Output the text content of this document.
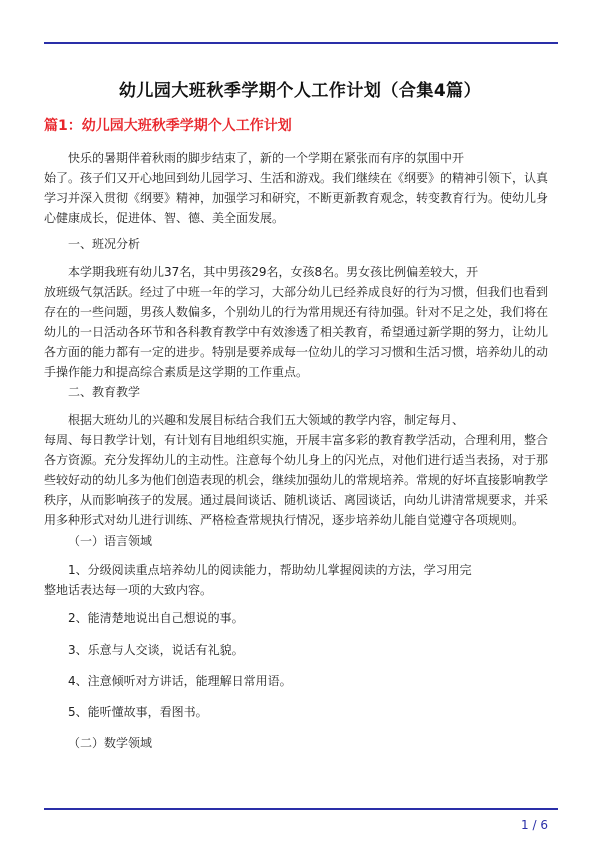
幼儿园大班秋季学期个人工作计划（合集4篇）
篇1：幼儿园大班秋季学期个人工作计划

快乐的暑期伴着秋雨的脚步结束了，新的一个学期在紧张而有序的氛围中开

始了。孩子们又开心地回到幼儿园学习、生活和游戏。我们继续在《纲要》的精神引领下，认真

学习并深入贯彻《纲要》精神，加强学习和研究，不断更新教育观念，转变教育行为。使幼儿身

心健康成长，促进体、智、德、美全面发展。

一、班况分析

本学期我班有幼儿37名，其中男孩29名，女孩8名。男女孩比例偏差较大，开

放班级气氛活跃。经过了中班一年的学习，大部分幼儿已经养成良好的行为习惯，但我们也看到

存在的一些问题，男孩人数偏多，个别幼儿的行为常用规还有待加强。针对不足之处，我们将在

幼儿的一日活动各环节和各科教育教学中有效渗透了相关教育，希望通过新学期的努力，让幼儿

各方面的能力都有一定的进步。特别是要养成每一位幼儿的学习习惯和生活习惯，培养幼儿的动

手操作能力和提高综合素质是这学期的工作重点。

二、教育教学

根据大班幼儿的兴趣和发展目标结合我们五大领域的教学内容，制定每月、

每周、每日教学计划，有计划有目地组织实施，开展丰富多彩的教育教学活动，合理利用，整合

各方资源。充分发挥幼儿的主动性。注意每个幼儿身上的闪光点，对他们进行适当表扬，对于那

些较好动的幼儿多为他们创造表现的机会，继续加强幼儿的常规培养。常规的好坏直接影响教学

秩序，从而影响孩子的发展。通过晨间谈话、随机谈话、离园谈话，向幼儿讲清常规要求，并采

用多种形式对幼儿进行训练、严格检查常规执行情况，逐步培养幼儿能自觉遵守各项规则。

（一）语言领域

1、分级阅读重点培养幼儿的阅读能力，帮助幼儿掌握阅读的方法，学习用完

整地话表达每一项的大致内容。

2、能清楚地说出自己想说的事。

3、乐意与人交谈，说话有礼貌。

4、注意倾听对方讲话，能理解日常用语。

5、能听懂故事，看图书。

（二）数学领域

1 / 6
